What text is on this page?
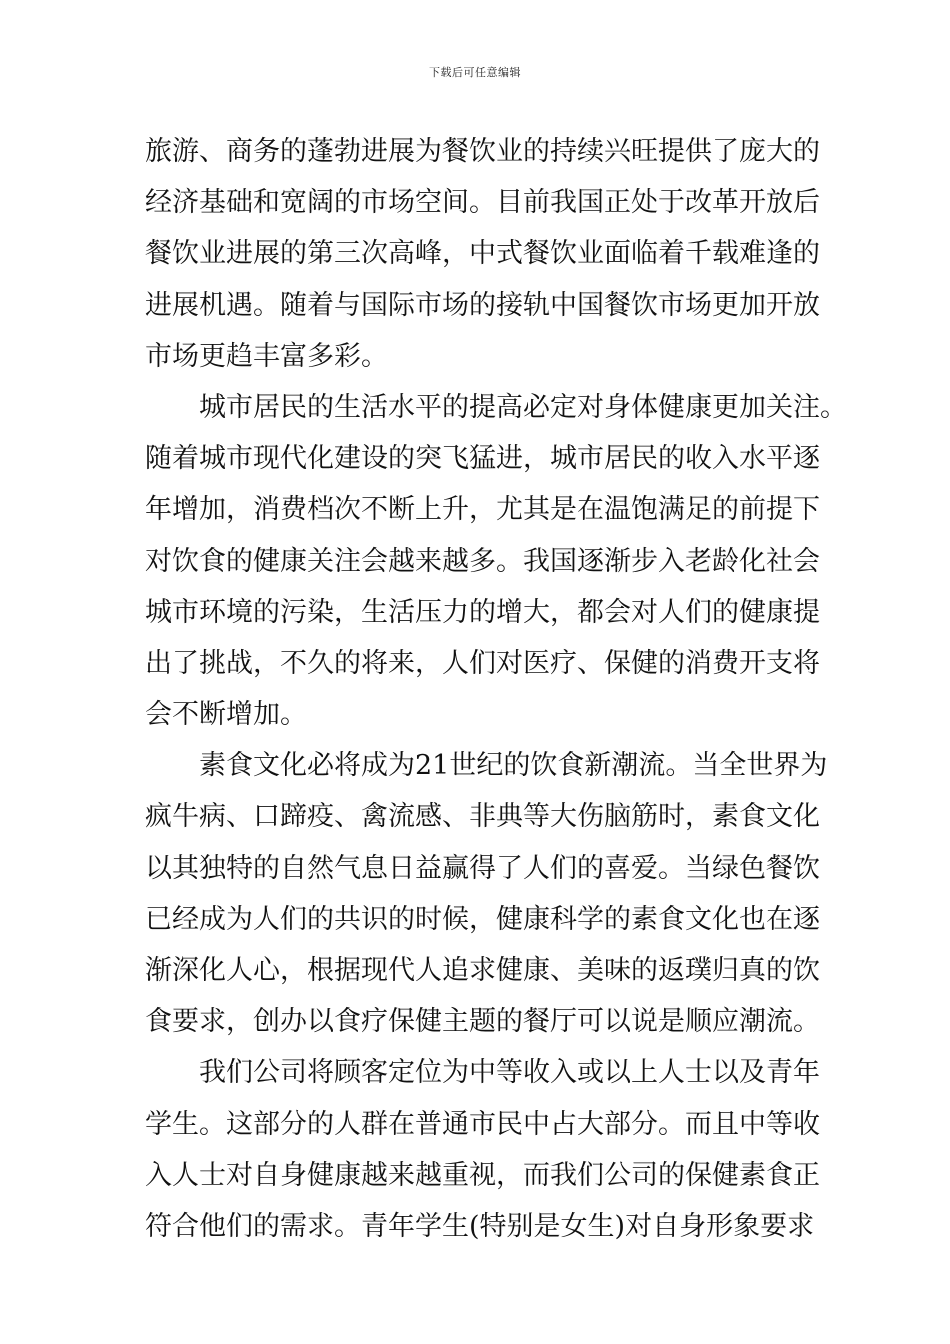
下载后可任意编辑
旅游、商务的蓬勃进展为餐饮业的持续兴旺提供了庞大的
经济基础和宽阔的市场空间。目前我国正处于改革开放后
餐饮业进展的第三次高峰，中式餐饮业面临着千载难逢的
进展机遇。随着与国际市场的接轨中国餐饮市场更加开放
市场更趋丰富多彩。
城市居民的生活水平的提高必定对身体健康更加关注。
随着城市现代化建设的突飞猛进，城市居民的收入水平逐
年增加，消费档次不断上升，尤其是在温饱满足的前提下
对饮食的健康关注会越来越多。我国逐渐步入老龄化社会
城市环境的污染，生活压力的增大，都会对人们的健康提
出了挑战，不久的将来，人们对医疗、保健的消费开支将
会不断增加。
素食文化必将成为21世纪的饮食新潮流。当全世界为
疯牛病、口蹄疫、禽流感、非典等大伤脑筋时，素食文化
以其独特的自然气息日益赢得了人们的喜爱。当绿色餐饮
已经成为人们的共识的时候，健康科学的素食文化也在逐
渐深化人心，根据现代人追求健康、美味的返璞归真的饮
食要求，创办以食疗保健主题的餐厅可以说是顺应潮流。
我们公司将顾客定位为中等收入或以上人士以及青年
学生。这部分的人群在普通市民中占大部分。而且中等收
入人士对自身健康越来越重视，而我们公司的保健素食正
符合他们的需求。青年学生(特别是女生)对自身形象要求
